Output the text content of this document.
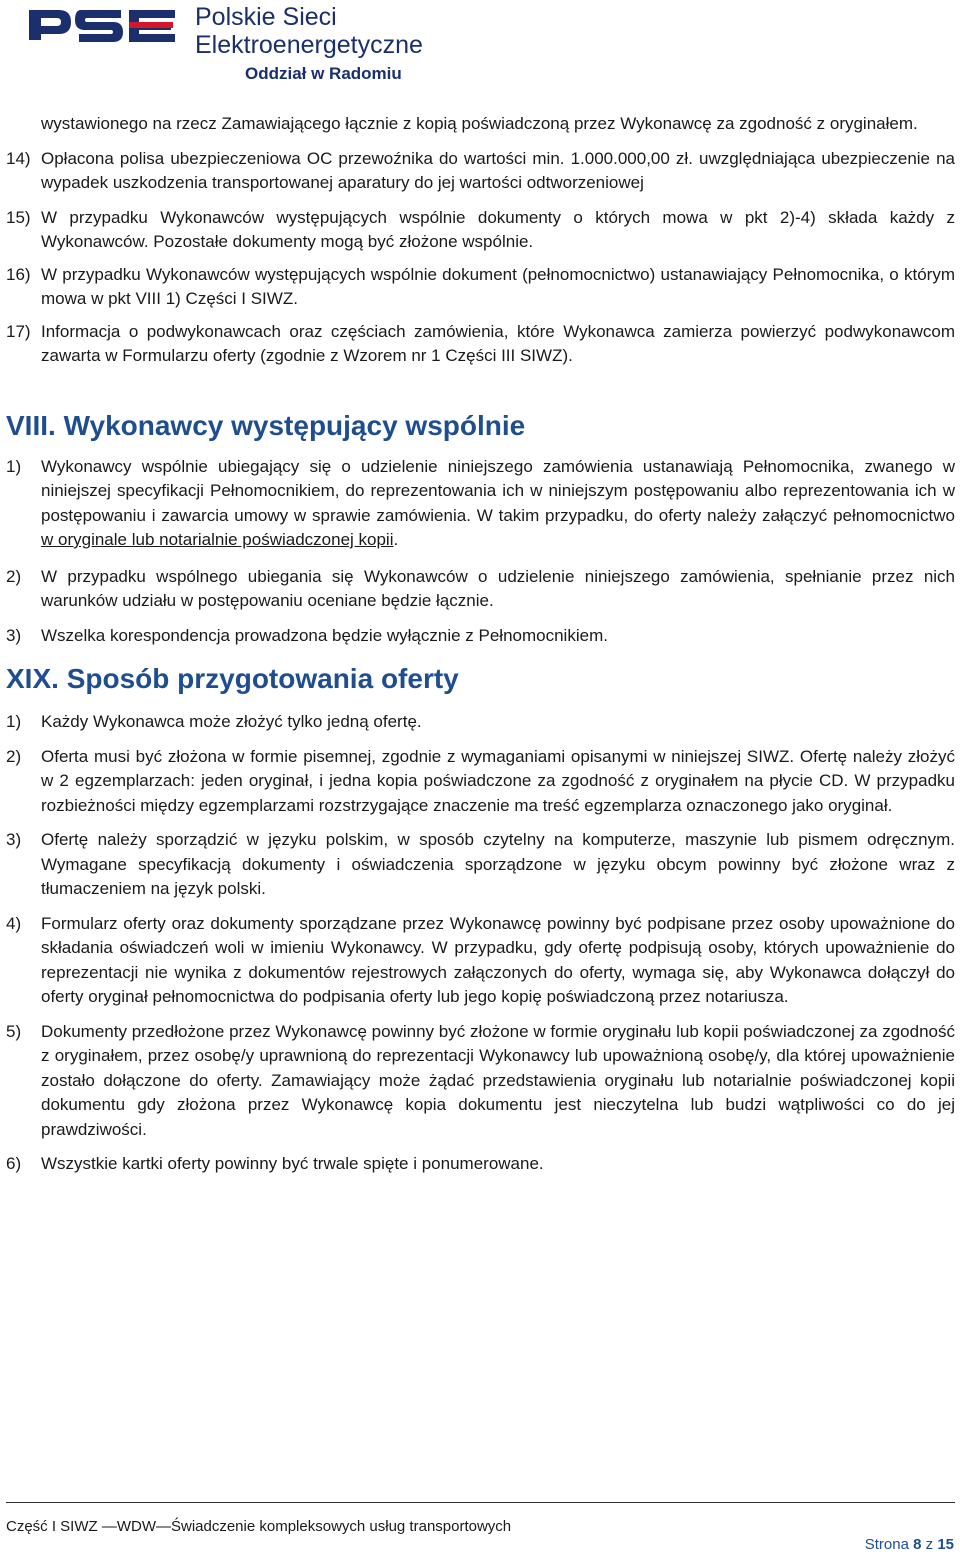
Polskie Sieci
Elektroenergetyczne
Oddział w Radomiu

wystawionego na rzecz Zamawiającego łącznie z kopią poświadczoną przez Wykonawcę za zgodność z oryginałem.

14) Opłacona polisa ubezpieczeniowa OC przewoźnika do wartości min. 1.000.000,00 zł. uwzględniająca ubezpieczenie na wypadek uszkodzenia transportowanej aparatury do jej wartości odtworzeniowej
15) W przypadku Wykonawców występujących wspólnie dokumenty o których mowa w pkt 2)-4) składa każdy z Wykonawców. Pozostałe dokumenty mogą być złożone wspólnie.
16) W przypadku Wykonawców występujących wspólnie dokument (pełnomocnictwo) ustanawiający Pełnomocnika, o którym mowa w pkt VIII 1) Części I SIWZ.
17) Informacja o podwykonawcach oraz częściach zamówienia, które Wykonawca zamierza powierzyć podwykonawcom zawarta w Formularzu oferty (zgodnie z Wzorem nr 1 Części III SIWZ).
VIII. Wykonawcy występujący wspólnie
1)	Wykonawcy wspólnie ubiegający się o udzielenie niniejszego zamówienia ustanawiają Pełnomocnika, zwanego w niniejszej specyfikacji Pełnomocnikiem, do reprezentowania ich w niniejszym postępowaniu albo reprezentowania ich w postępowaniu i zawarcia umowy w sprawie zamówienia. W takim przypadku, do oferty należy załączyć pełnomocnictwo w oryginale lub notarialnie poświadczonej kopii.
2)	W przypadku wspólnego ubiegania się Wykonawców o udzielenie niniejszego zamówienia, spełnianie przez nich warunków udziału w postępowaniu oceniane będzie łącznie.
3)	Wszelka korespondencja prowadzona będzie wyłącznie z Pełnomocnikiem.
XIX. Sposób przygotowania oferty
1)	Każdy Wykonawca może złożyć tylko jedną ofertę.
2)	Oferta musi być złożona w formie pisemnej, zgodnie z wymaganiami opisanymi w niniejszej SIWZ. Ofertę należy złożyć w 2 egzemplarzach: jeden oryginał, i jedna kopia poświadczone za zgodność z oryginałem na płycie CD. W przypadku rozbieżności między egzemplarzami rozstrzygające znaczenie ma treść egzemplarza oznaczonego jako oryginał.
3)	Ofertę należy sporządzić w języku polskim, w sposób czytelny na komputerze, maszynie lub pismem odręcznym. Wymagane specyfikacją dokumenty i oświadczenia sporządzone w języku obcym powinny być złożone wraz z tłumaczeniem na język polski.
4)	Formularz oferty oraz dokumenty sporządzane przez Wykonawcę powinny być podpisane przez osoby upoważnione do składania oświadczeń woli w imieniu Wykonawcy. W przypadku, gdy ofertę podpisują osoby, których upoważnienie do reprezentacji nie wynika z dokumentów rejestrowych załączonych do oferty, wymaga się, aby Wykonawca dołączył do oferty oryginał pełnomocnictwa do podpisania oferty lub jego kopię poświadczoną przez notariusza.
5)	Dokumenty przedłożone przez Wykonawcę powinny być złożone w formie oryginału lub kopii poświadczonej za zgodność z oryginałem, przez osobę/y uprawnioną do reprezentacji Wykonawcy lub upoważnioną osobę/y, dla której upoważnienie zostało dołączone do oferty. Zamawiający może żądać przedstawienia oryginału lub notarialnie poświadczonej kopii dokumentu gdy złożona przez Wykonawcę kopia dokumentu jest nieczytelna lub budzi wątpliwości co do jej prawdziwości.
6)	Wszystkie kartki oferty powinny być trwale spięte i ponumerowane.
Część I SIWZ —WDW—Świadczenie kompleksowych usług transportowych
Strona 8 z 15
